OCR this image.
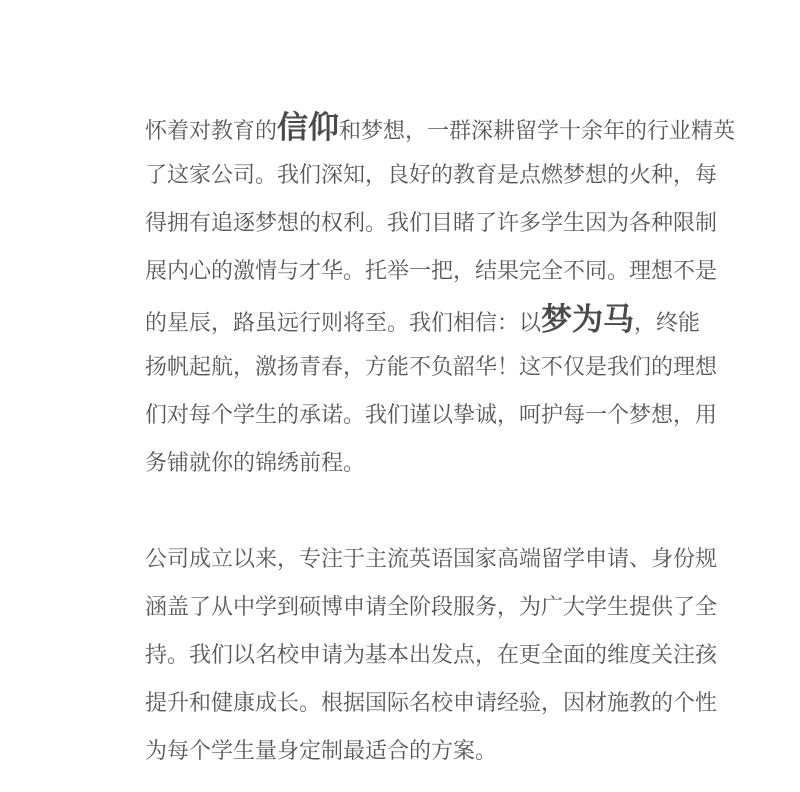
怀着对教育的信仰和梦想，一群深耕留学十余年的行业精英
了这家公司。我们深知，良好的教育是点燃梦想的火种，每
得拥有追逐梦想的权利。我们目睹了许多学生因为各种限制
展内心的激情与才华。托举一把，结果完全不同。理想不是
的星辰，路虽远行则将至。我们相信：以梦为马，终能
扬帆起航，激扬青春，方能不负韶华！这不仅是我们的理想
们对每个学生的承诺。我们谨以挚诚，呵护每一个梦想，用
务铺就你的锦绣前程。
公司成立以来，专注于主流英语国家高端留学申请、身份规
涵盖了从中学到硕博申请全阶段服务，为广大学生提供了全
持。我们以名校申请为基本出发点，在更全面的维度关注孩
提升和健康成长。根据国际名校申请经验，因材施教的个性
为每个学生量身定制最适合的方案。
